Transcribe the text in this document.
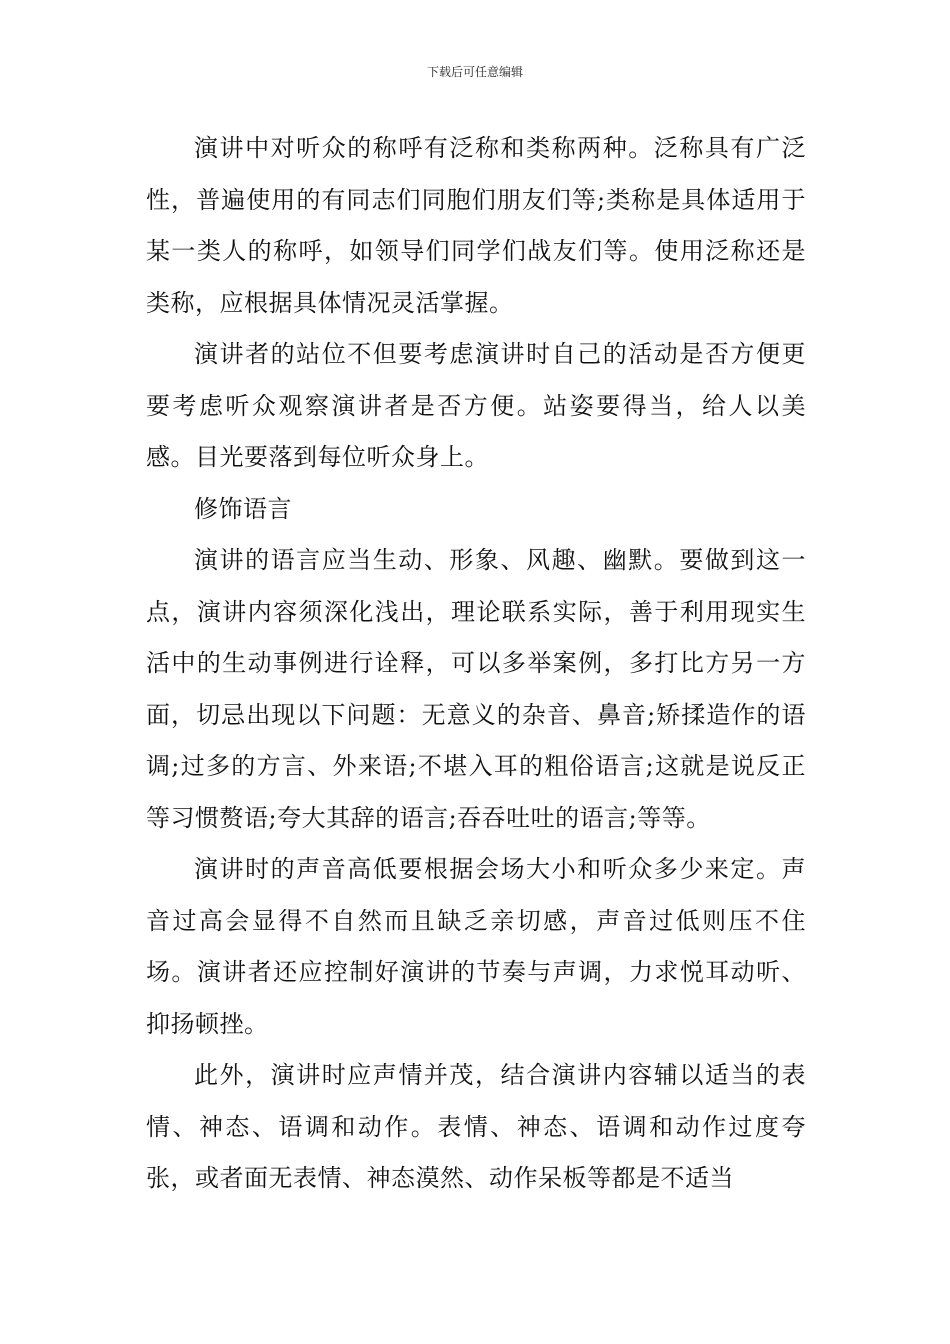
下载后可任意编辑

演讲中对听众的称呼有泛称和类称两种。泛称具有广泛性，普遍使用的有同志们同胞们朋友们等;类称是具体适用于某一类人的称呼，如领导们同学们战友们等。使用泛称还是类称，应根据具体情况灵活掌握。

演讲者的站位不但要考虑演讲时自己的活动是否方便更要考虑听众观察演讲者是否方便。站姿要得当，给人以美感。目光要落到每位听众身上。

修饰语言

演讲的语言应当生动、形象、风趣、幽默。要做到这一点，演讲内容须深化浅出，理论联系实际，善于利用现实生活中的生动事例进行诠释，可以多举案例，多打比方另一方面，切忌出现以下问题：无意义的杂音、鼻音;矫揉造作的语调;过多的方言、外来语;不堪入耳的粗俗语言;这就是说反正等习惯赘语;夸大其辞的语言;吞吞吐吐的语言;等等。

演讲时的声音高低要根据会场大小和听众多少来定。声音过高会显得不自然而且缺乏亲切感，声音过低则压不住场。演讲者还应控制好演讲的节奏与声调，力求悦耳动听、抑扬顿挫。

此外，演讲时应声情并茂，结合演讲内容辅以适当的表情、神态、语调和动作。表情、神态、语调和动作过度夸张，或者面无表情、神态漠然、动作呆板等都是不适当
